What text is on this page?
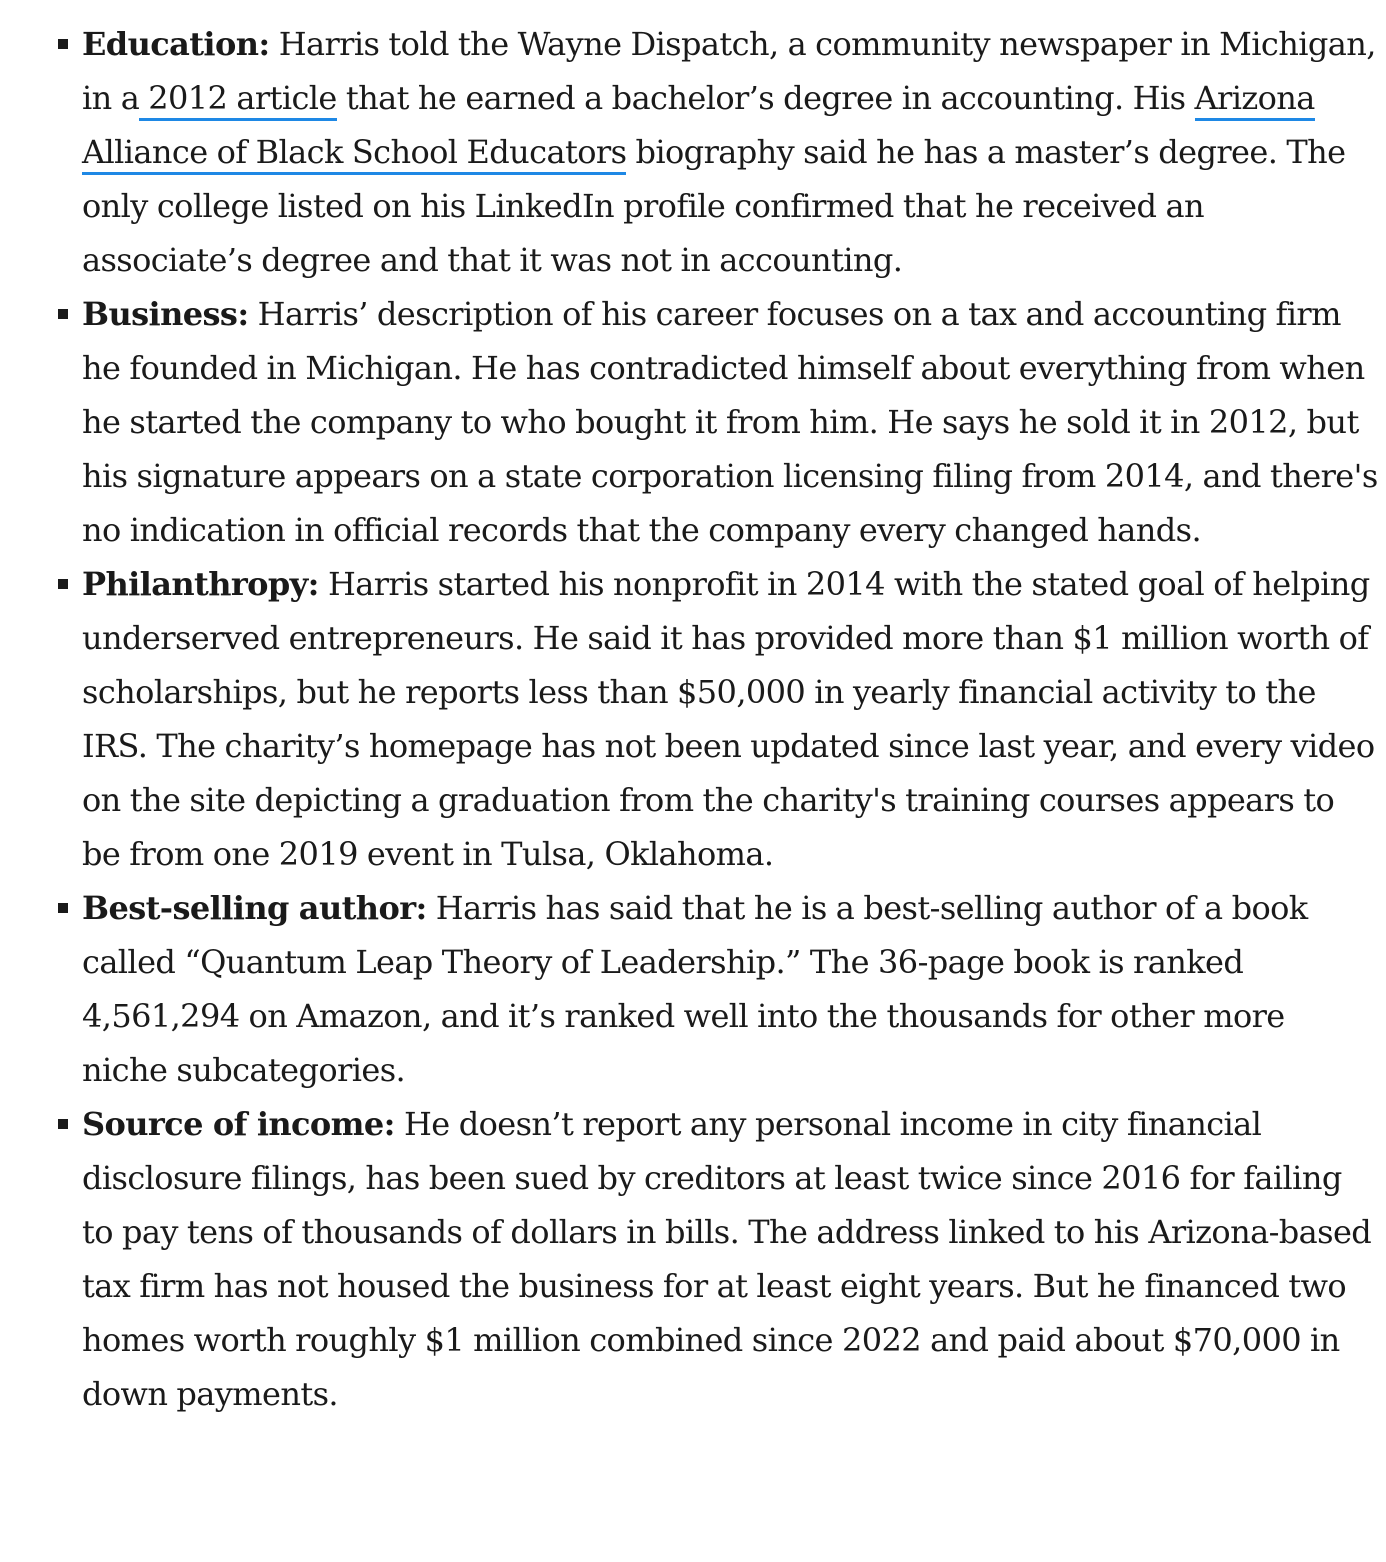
Education: Harris told the Wayne Dispatch, a community newspaper in Michigan, in a 2012 article that he earned a bachelor’s degree in accounting. His Arizona Alliance of Black School Educators biography said he has a master’s degree. The only college listed on his LinkedIn profile confirmed that he received an associate’s degree and that it was not in accounting.
Business: Harris’ description of his career focuses on a tax and accounting firm he founded in Michigan. He has contradicted himself about everything from when he started the company to who bought it from him. He says he sold it in 2012, but his signature appears on a state corporation licensing filing from 2014, and there's no indication in official records that the company every changed hands.
Philanthropy: Harris started his nonprofit in 2014 with the stated goal of helping underserved entrepreneurs. He said it has provided more than $1 million worth of scholarships, but he reports less than $50,000 in yearly financial activity to the IRS. The charity’s homepage has not been updated since last year, and every video on the site depicting a graduation from the charity's training courses appears to be from one 2019 event in Tulsa, Oklahoma.
Best-selling author: Harris has said that he is a best-selling author of a book called “Quantum Leap Theory of Leadership.” The 36-page book is ranked 4,561,294 on Amazon, and it’s ranked well into the thousands for other more niche subcategories.
Source of income: He doesn’t report any personal income in city financial disclosure filings, has been sued by creditors at least twice since 2016 for failing to pay tens of thousands of dollars in bills. The address linked to his Arizona-based tax firm has not housed the business for at least eight years. But he financed two homes worth roughly $1 million combined since 2022 and paid about $70,000 in down payments.
